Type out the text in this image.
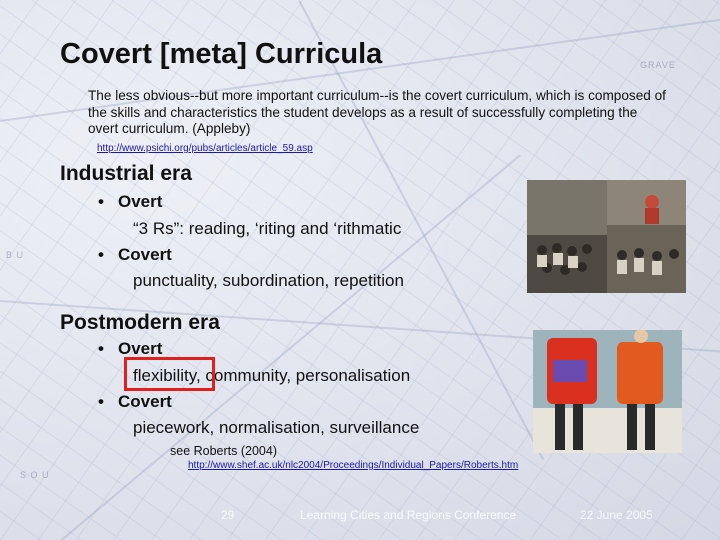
B U
S O U
GRAVE
Covert [meta] Curricula

The less obvious--but more important curriculum--is the covert curriculum, which is composed of the skills and characteristics the student develops as a result of successfully completing the overt curriculum. (Appleby)

http://www.psichi.org/pubs/articles/article_59.asp
Industrial era
• Overt
“3 Rs”: reading, ‘riting and ‘rithmatic
• Covert
punctuality, subordination, repetition
Postmodern era
• Overt
flexibility, community, personalisation
• Covert
piecework, normalisation, surveillance
see Roberts (2004)
http://www.shef.ac.uk/nlc2004/Proceedings/Individual_Papers/Roberts.htm
29	Learning Cities and Regions Conference	22 June 2005
